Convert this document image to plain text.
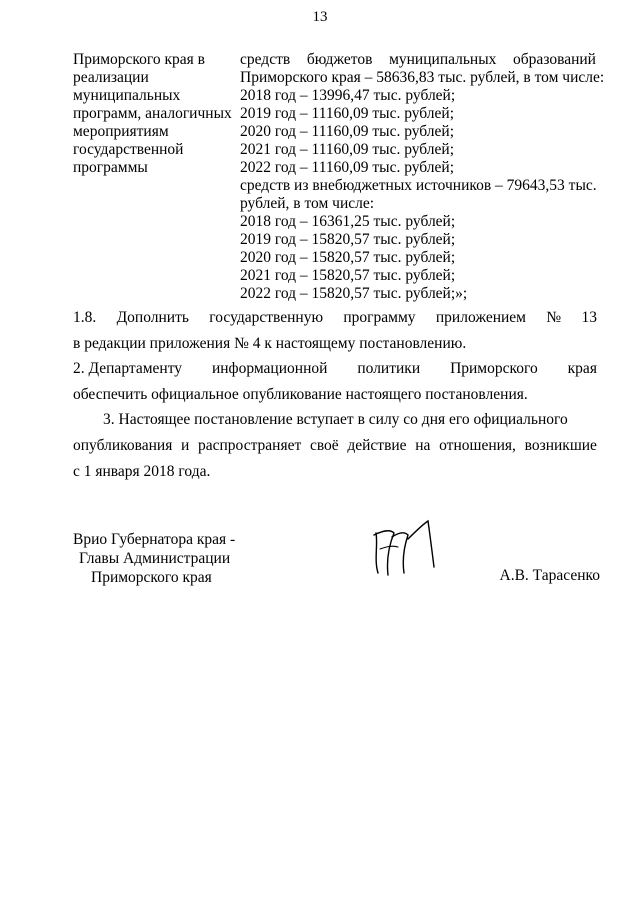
13
Приморского края в
реализации
муниципальных
программ, аналогичных
мероприятиям
государственной
программы
средств бюджетов муниципальных образований
Приморского края – 58636,83 тыс. рублей, в том числе:
2018 год – 13996,47 тыс. рублей;
2019 год – 11160,09 тыс. рублей;
2020 год – 11160,09 тыс. рублей;
2021 год – 11160,09 тыс. рублей;
2022 год – 11160,09 тыс. рублей;
средств из внебюджетных источников – 79643,53 тыс.
рублей, в том числе:
2018 год – 16361,25 тыс. рублей;
2019 год – 15820,57 тыс. рублей;
2020 год – 15820,57 тыс. рублей;
2021 год – 15820,57 тыс. рублей;
2022 год – 15820,57 тыс. рублей;»;
1.8. Дополнить государственную программу приложением № 13
в редакции приложения № 4 к настоящему постановлению.
2. Департаменту информационной политики Приморского края
обеспечить официальное опубликование настоящего постановления.
3. Настоящее постановление вступает в силу со дня его официального
опубликования и распространяет своё действие на отношения, возникшие
с 1 января 2018 года.
Врио Губернатора края -
Главы Администрации
Приморского края	А.В. Тарасенко
